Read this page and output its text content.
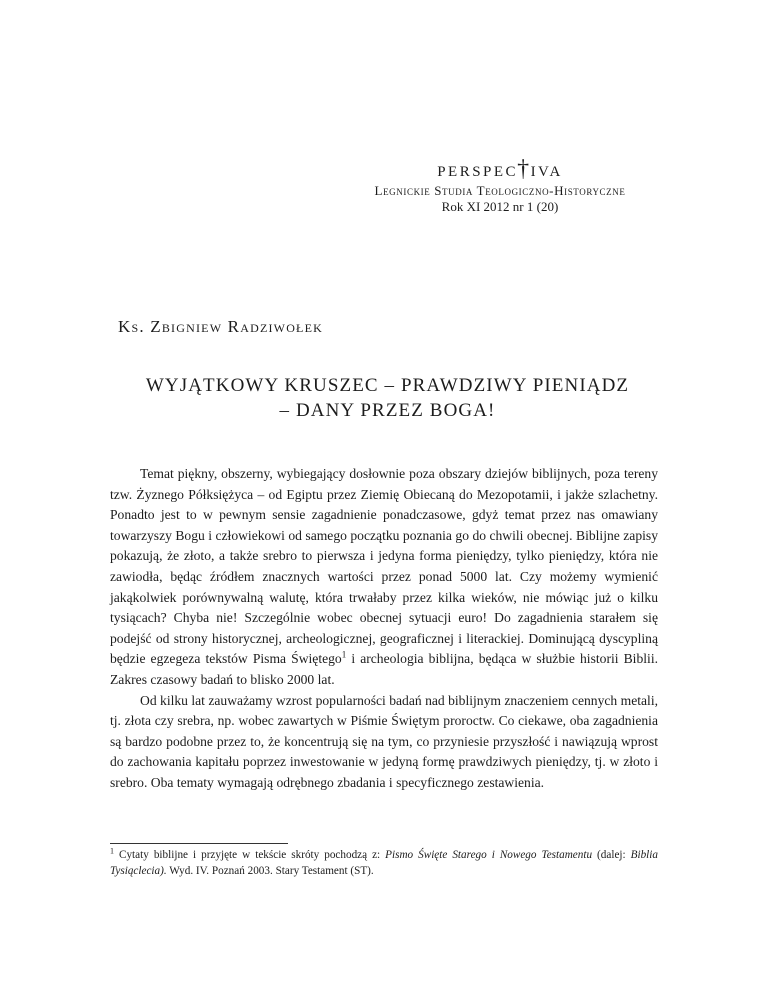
perspec†iva
Legnickie Studia Teologiczno-Historyczne
Rok XI 2012 nr 1 (20)
Ks. Zbigniew Radziwołek
WYJĄTKOWY KRUSZEC – PRAWDZIWY PIENIĄDZ
– DANY PRZEZ BOGA!

Temat piękny, obszerny, wybiegający dosłownie poza obszary dziejów biblijnych, poza tereny tzw. Żyznego Półksiężyca – od Egiptu przez Ziemię Obiecaną do Mezopotamii, i jakże szlachetny. Ponadto jest to w pewnym sensie zagadnienie ponadczasowe, gdyż temat przez nas omawiany towarzyszy Bogu i człowiekowi od samego początku poznania go do chwili obecnej. Biblijne zapisy pokazują, że złoto, a także srebro to pierwsza i jedyna forma pieniędzy, tylko pieniędzy, która nie zawiodła, będąc źródłem znacznych wartości przez ponad 5000 lat. Czy możemy wymienić jakąkolwiek porównywalną walutę, która trwałaby przez kilka wieków, nie mówiąc już o kilku tysiącach? Chyba nie! Szczególnie wobec obecnej sytuacji euro! Do zagadnienia starałem się podejść od strony historycznej, archeologicznej, geograficznej i literackiej. Dominującą dyscypliną będzie egzegeza tekstów Pisma Świętego$^1$ i archeologia biblijna, będąca w służbie historii Biblii. Zakres czasowy badań to blisko 2000 lat.

Od kilku lat zauważamy wzrost popularności badań nad biblijnym znaczeniem cennych metali, tj. złota czy srebra, np. wobec zawartych w Piśmie Świętym proroctw. Co ciekawe, oba zagadnienia są bardzo podobne przez to, że koncentrują się na tym, co przyniesie przyszłość i nawiązują wprost do zachowania kapitału poprzez inwestowanie w jedyną formę prawdziwych pieniędzy, tj. w złoto i srebro. Oba tematy wymagają odrębnego zbadania i specyficznego zestawienia.

$^1$ Cytaty biblijne i przyjęte w tekście skróty pochodzą z: Pismo Święte Starego i Nowego Testamentu (dalej: Biblia Tysiąclecia). Wyd. IV. Poznań 2003. Stary Testament (ST).
